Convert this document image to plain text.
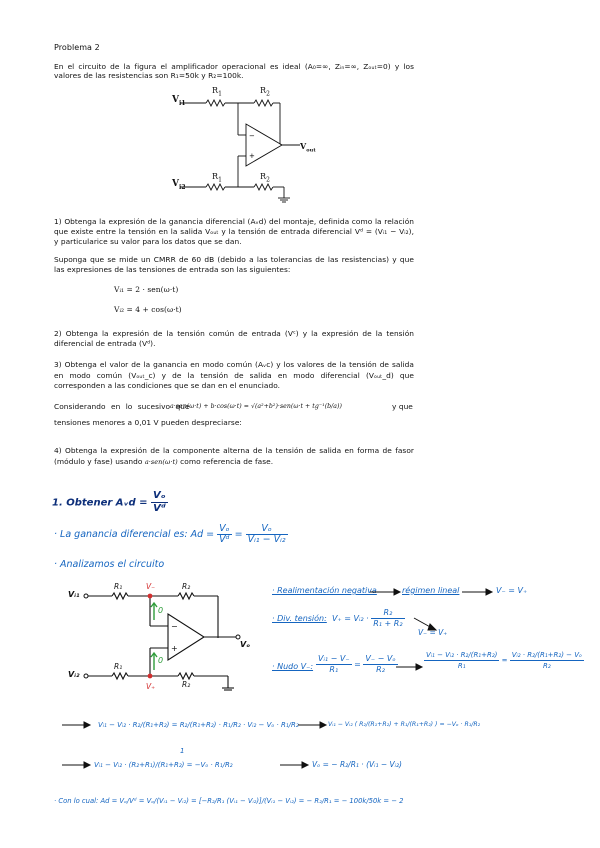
Problema 2
En el circuito de la figura el amplificador operacional es ideal (A₀=∞, Zᵢₙ=∞, Zₒᵤₜ=0) y los
valores de las resistencias son R₁=50k y R₂=100k.
−
+
$V_{i1}$
$R_1$	$R_2$
$V_{out}$
$V_{i2}$
$R_1$	$R_2$
1) Obtenga la expresión de la ganancia diferencial (Aᵥd) del montaje, definida como la relación
que existe entre la tensión en la salida Vₒᵤₜ y la tensión de entrada diferencial Vᵈ = (Vᵢ₁ − Vᵢ₂),
y particularice su valor para los datos que se dan.
Suponga que se mide un CMRR de 60 dB (debido a las tolerancias de las resistencias) y que
las expresiones de las tensiones de entrada son las siguientes:
Vᵢ₁ = 2 · sen(ω·t)
Vᵢ₂ = 4 + cos(ω·t)
2) Obtenga la expresión de la tensión común de entrada (Vᶜ) y la expresión de la tensión
diferencial de entrada (Vᵈ).
3) Obtenga el valor de la ganancia en modo común (Aᵥc) y los valores de la tensión de salida
en modo común (Vₒᵤₜ_c) y de la tensión de salida en modo diferencial (Vₒᵤₜ_d) que
corresponden a las condiciones que se dan en el enunciado.
Considerando en lo sucesivo que
a·sen(ω·t) + b·cos(ω·t) = √(a²+b²)·sen(ω·t + tg⁻¹(b/a))	y que
tensiones menores a 0,01 V pueden despreciarse:
4) Obtenga la expresión de la componente alterna de la tensión de salida en forma de fasor
(módulo y fase) usando a·sen(ω·t) como referencia de fase.
1. Obtener Aᵥd = $\frac{\text{Vₒ}}{\text{Vᵈ}}$
· La ganancia diferencial es: $Ad = \frac{\text{Vₒ}}{\text{Vᵈ}} = \frac{\text{Vₒ}}{\text{Vᵢ₁ − Vᵢ₂}}$
· Analizamos el circuito
−
+
Vᵢ₁
R₁	V₋	R₂
0
0
Vₒ
Vᵢ₂
R₁
R₂
V₊
· Realimentación negativa	régimen lineal	V₋ = V₊
· Div. tensión: V₊ = Vᵢ₂ · $\frac{\text{R₂}}{\text{R₁ + R₂}}$
V₋ = V₊
· Nudo V₋: $\frac{\text{Vᵢ₁ − V₋}}{\text{R₁}} = \frac{\text{V₋ − Vₒ}}{\text{R₂}}$	$\frac{\text{Vᵢ₁ − Vᵢ₂ · R₂/(R₁+R₂)}}{\text{R₁}} = \frac{\text{Vᵢ₂ · R₂/(R₁+R₂) − Vₒ}}{\text{R₂}}$
Vᵢ₁ − Vᵢ₂ · R₂/(R₁+R₂) = R₂/(R₁+R₂) · R₁/R₂ · Vᵢ₂ − Vₒ · R₁/R₂	Vᵢ₁ − Vᵢ₂ ( R₂/(R₁+R₂) + R₁/(R₁+R₂) ) = −Vₒ · R₁/R₂
1
Vᵢ₁ − Vᵢ₂ · (R₂+R₁)/(R₁+R₂) = −Vₒ · R₁/R₂	Vₒ = − R₂/R₁ · (Vᵢ₁ − Vᵢ₂)
· Con lo cual: Ad = Vₒ/Vᵈ = Vₒ/(Vᵢ₁ − Vᵢ₂) = [−R₂/R₁ (Vᵢ₁ − Vᵢ₂)]/(Vᵢ₁ − Vᵢ₂) = − R₂/R₁ = − 100k/50k = − 2
